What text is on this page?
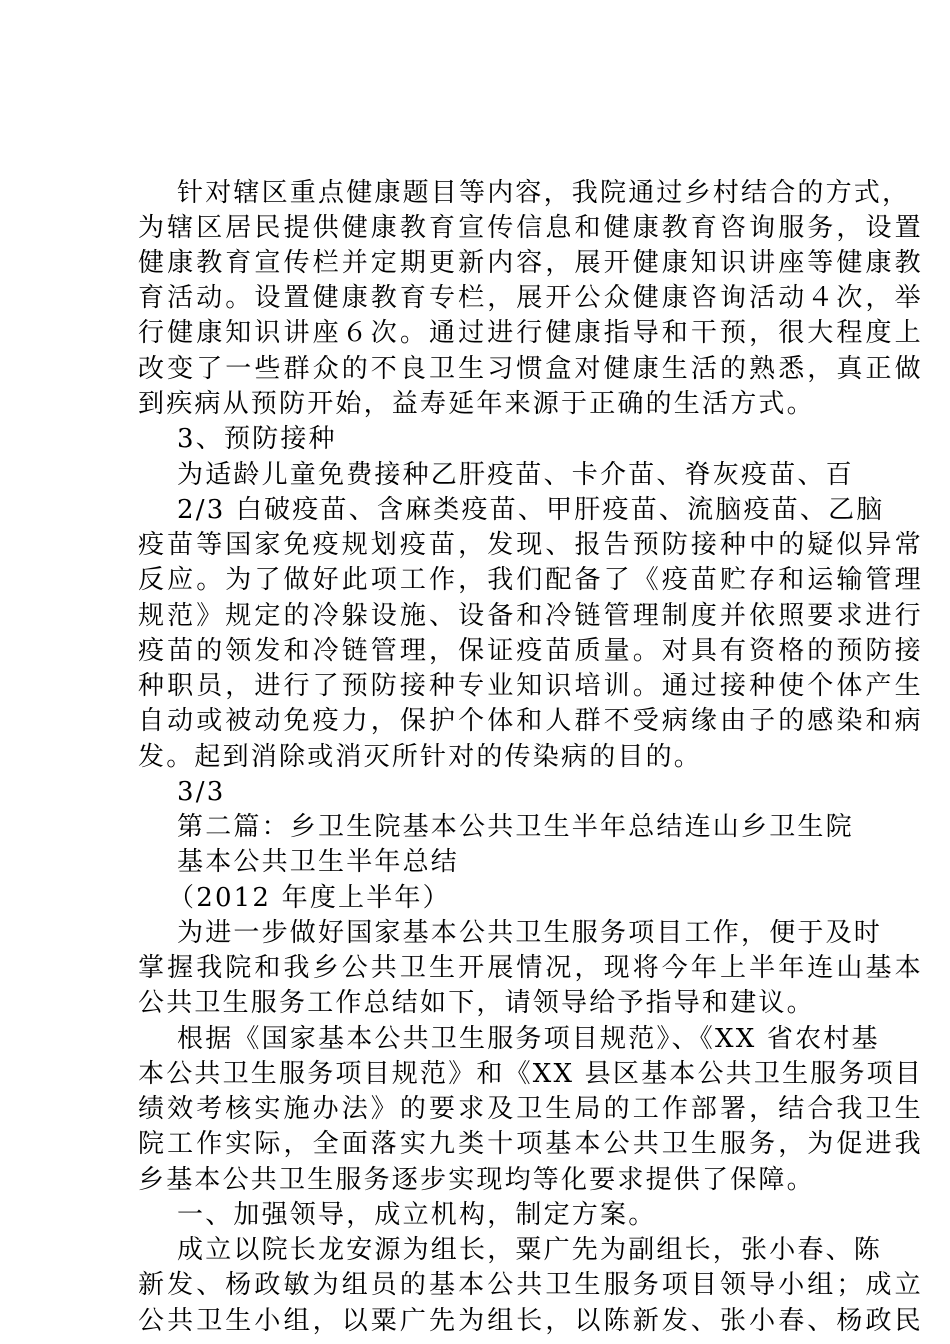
针对辖区重点健康题目等内容，我院通过乡村结合的方式，
为辖区居民提供健康教育宣传信息和健康教育咨询服务，设置
健康教育宣传栏并定期更新内容，展开健康知识讲座等健康教
育活动。设置健康教育专栏，展开公众健康咨询活动４次，举
行健康知识讲座６次。通过进行健康指导和干预，很大程度上
改变了一些群众的不良卫生习惯盒对健康生活的熟悉，真正做
到疾病从预防开始，益寿延年来源于正确的生活方式。
3、预防接种
为适龄儿童免费接种乙肝疫苗、卡介苗、脊灰疫苗、百
2/3 白破疫苗、含麻类疫苗、甲肝疫苗、流脑疫苗、乙脑
疫苗等国家免疫规划疫苗，发现、报告预防接种中的疑似异常
反应。为了做好此项工作，我们配备了《疫苗贮存和运输管理
规范》规定的冷躲设施、设备和冷链管理制度并依照要求进行
疫苗的领发和冷链管理，保证疫苗质量。对具有资格的预防接
种职员，进行了预防接种专业知识培训。通过接种使个体产生
自动或被动免疫力，保护个体和人群不受病缘由子的感染和病
发。起到消除或消灭所针对的传染病的目的。
3/3
第二篇：乡卫生院基本公共卫生半年总结连山乡卫生院
基本公共卫生半年总结
（2012 年度上半年）
为进一步做好国家基本公共卫生服务项目工作，便于及时
掌握我院和我乡公共卫生开展情况，现将今年上半年连山基本
公共卫生服务工作总结如下，请领导给予指导和建议。
根据《国家基本公共卫生服务项目规范》、《XX 省农村基
本公共卫生服务项目规范》和《XX 县区基本公共卫生服务项目
绩效考核实施办法》的要求及卫生局的工作部署，结合我卫生
院工作实际，全面落实九类十项基本公共卫生服务，为促进我
乡基本公共卫生服务逐步实现均等化要求提供了保障。
一、加强领导，成立机构，制定方案。
成立以院长龙安源为组长，粟广先为副组长，张小春、陈
新发、杨政敏为组员的基本公共卫生服务项目领导小组；成立
公共卫生小组，以粟广先为组长，以陈新发、张小春、杨政民
